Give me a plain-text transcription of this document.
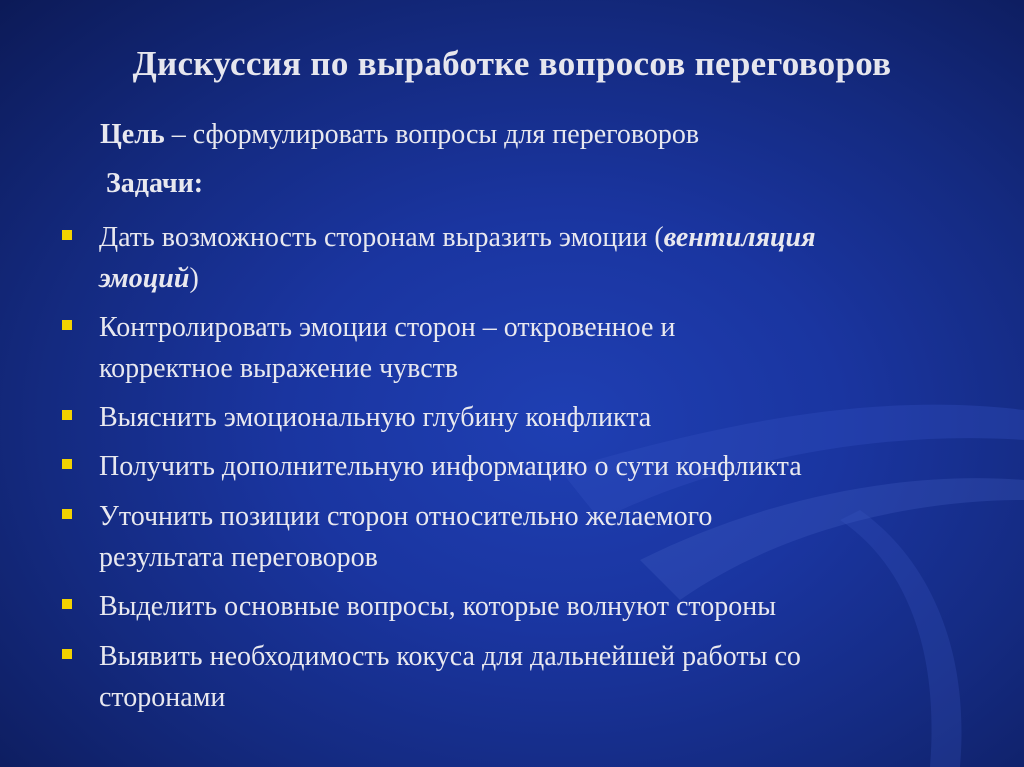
Дискуссия по выработке вопросов переговоров
Цель – сформулировать вопросы для переговоров
Задачи:
Дать возможность сторонам выразить эмоции (вентиляция
эмоций)
Контролировать эмоции сторон – откровенное и
корректное выражение чувств
Выяснить эмоциональную глубину конфликта
Получить дополнительную информацию о сути конфликта
Уточнить позиции сторон относительно желаемого
результата переговоров
Выделить основные вопросы, которые волнуют стороны
Выявить необходимость кокуса для дальнейшей работы со
сторонами
